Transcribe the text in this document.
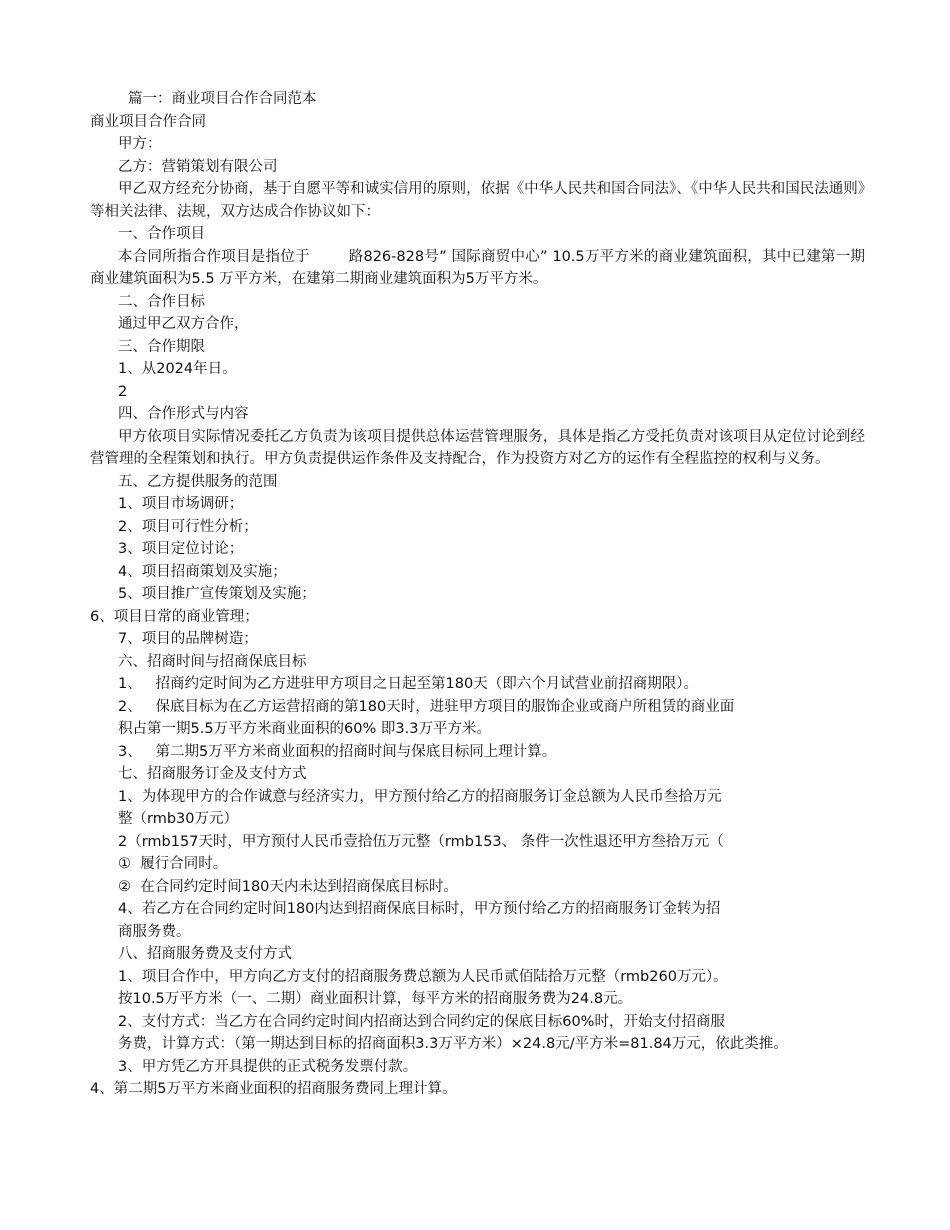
篇一：商业项目合作合同范本

商业项目合作合同

甲方：

乙方：营销策划有限公司

甲乙双方经充分协商，基于自愿平等和诚实信用的原则，依据《中华人民共和国合同法》、《中华人民共和国民法通则》等相关法律、法规，双方达成合作协议如下：

一、合作项目

本合同所指合作项目是指位于        路826-828号” 国际商贸中心” 10.5万平方米的商业建筑面积，其中已建第一期商业建筑面积为5.5 万平方米，在建第二期商业建筑面积为5万平方米。

二、合作目标

通过甲乙双方合作，

三、合作期限

1、从2024年日。

2

四、合作形式与内容

甲方依项目实际情况委托乙方负责为该项目提供总体运营管理服务，具体是指乙方受托负责对该项目从定位讨论到经营管理的全程策划和执行。甲方负责提供运作条件及支持配合，作为投资方对乙方的运作有全程监控的权利与义务。

五、乙方提供服务的范围

1、项目市场调研；

2、项目可行性分析；

3、项目定位讨论；

4、项目招商策划及实施；

5、项目推广宣传策划及实施；

6、项目日常的商业管理；

7、项目的品牌树造；

六、招商时间与招商保底目标

1、   招商约定时间为乙方进驻甲方项目之日起至第180天（即六个月试营业前招商期限）。

2、   保底目标为在乙方运营招商的第180天时，进驻甲方项目的服饰企业或商户所租赁的商业面

积占第一期5.5万平方米商业面积的60% 即3.3万平方米。

3、   第二期5万平方米商业面积的招商时间与保底目标同上理计算。

七、招商服务订金及支付方式

1、为体现甲方的合作诚意与经济实力，甲方预付给乙方的招商服务订金总额为人民币叁拾万元

整（rmb30万元）

2（rmb157天时，甲方预付人民币壹拾伍万元整（rmb153、 条件一次性退还甲方叁拾万元（

①  履行合同时。

②  在合同约定时间180天内未达到招商保底目标时。

4、若乙方在合同约定时间180内达到招商保底目标时，甲方预付给乙方的招商服务订金转为招

商服务费。

八、招商服务费及支付方式

1、项目合作中，甲方向乙方支付的招商服务费总额为人民币贰佰陆拾万元整（rmb260万元）。

按10.5万平方米（一、二期）商业面积计算，每平方米的招商服务费为24.8元。

2、支付方式：当乙方在合同约定时间内招商达到合同约定的保底目标60%时，开始支付招商服

务费，计算方式：（第一期达到目标的招商面积3.3万平方米）×24.8元/平方米=81.84万元，依此类推。

3、甲方凭乙方开具提供的正式税务发票付款。

4、第二期5万平方米商业面积的招商服务费同上理计算。
